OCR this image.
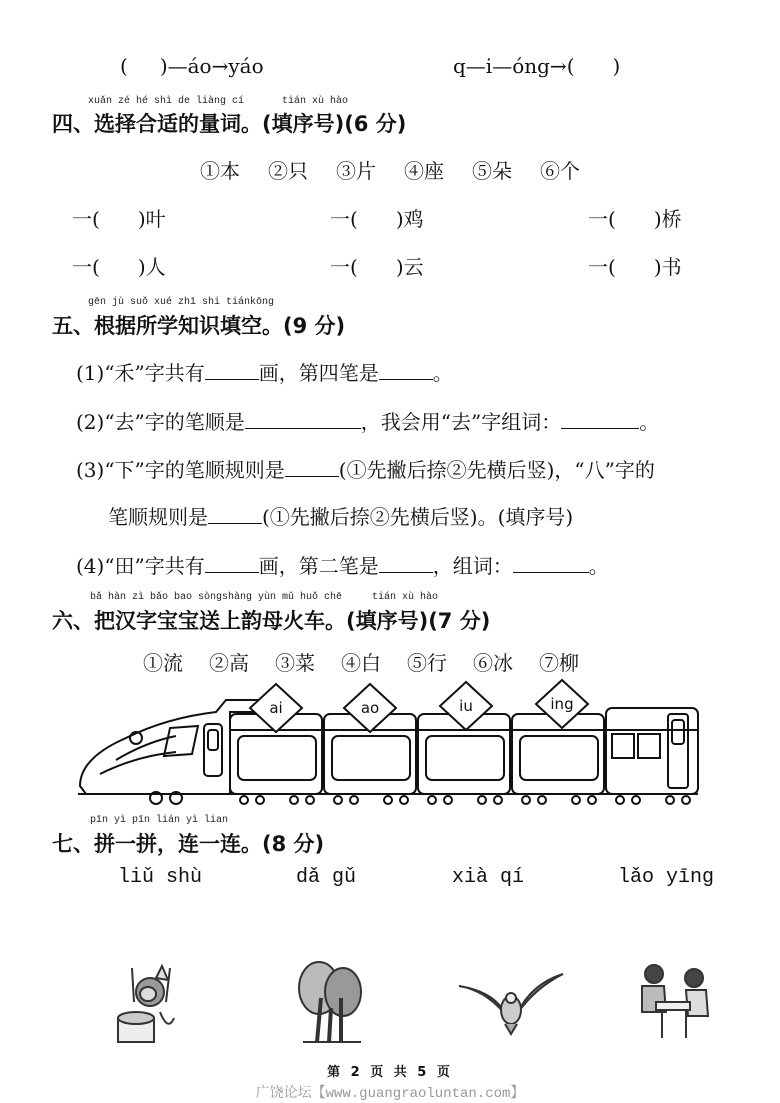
( )—áo→yáo	q—i—óng→( )
xuǎn zé hé shì de liàng cí	tián xù hào
四、选择合适的量词。(填序号)(6 分)
①本 ②只 ③片 ④座 ⑤朵 ⑥个
一( )叶	一( )鸡	一( )桥
一( )人	一( )云	一( )书
gēn jù suǒ xué zhī shi tiánkōng
五、根据所学知识填空。(9 分)
(1)“禾”字共有	画，第四笔是	。
(2)“去”字的笔顺是	，我会用“去”字组词：	。
(3)“下”字的笔顺规则是	(①先撇后捺②先横后竖)，“八”字的
笔顺规则是	(①先撇后捺②先横后竖)。(填序号)
(4)“田”字共有	画，第二笔是	，组词：	。
bǎ hàn zì bǎo bao sòngshàng yùn mǔ huǒ chē	tián xù hào
六、把汉字宝宝送上韵母火车。(填序号)(7 分)
①流 ②高 ③菜 ④白 ⑤行 ⑥冰 ⑦柳
ai	ao	iu	ing
pīn yì pīn lián yì lian
七、拼一拼，连一连。(8 分)
liǔ shù	dǎ gǔ	xià qí	lǎo yīng
第 2 页 共 5 页
广饶论坛【www.guangraoluntan.com】
